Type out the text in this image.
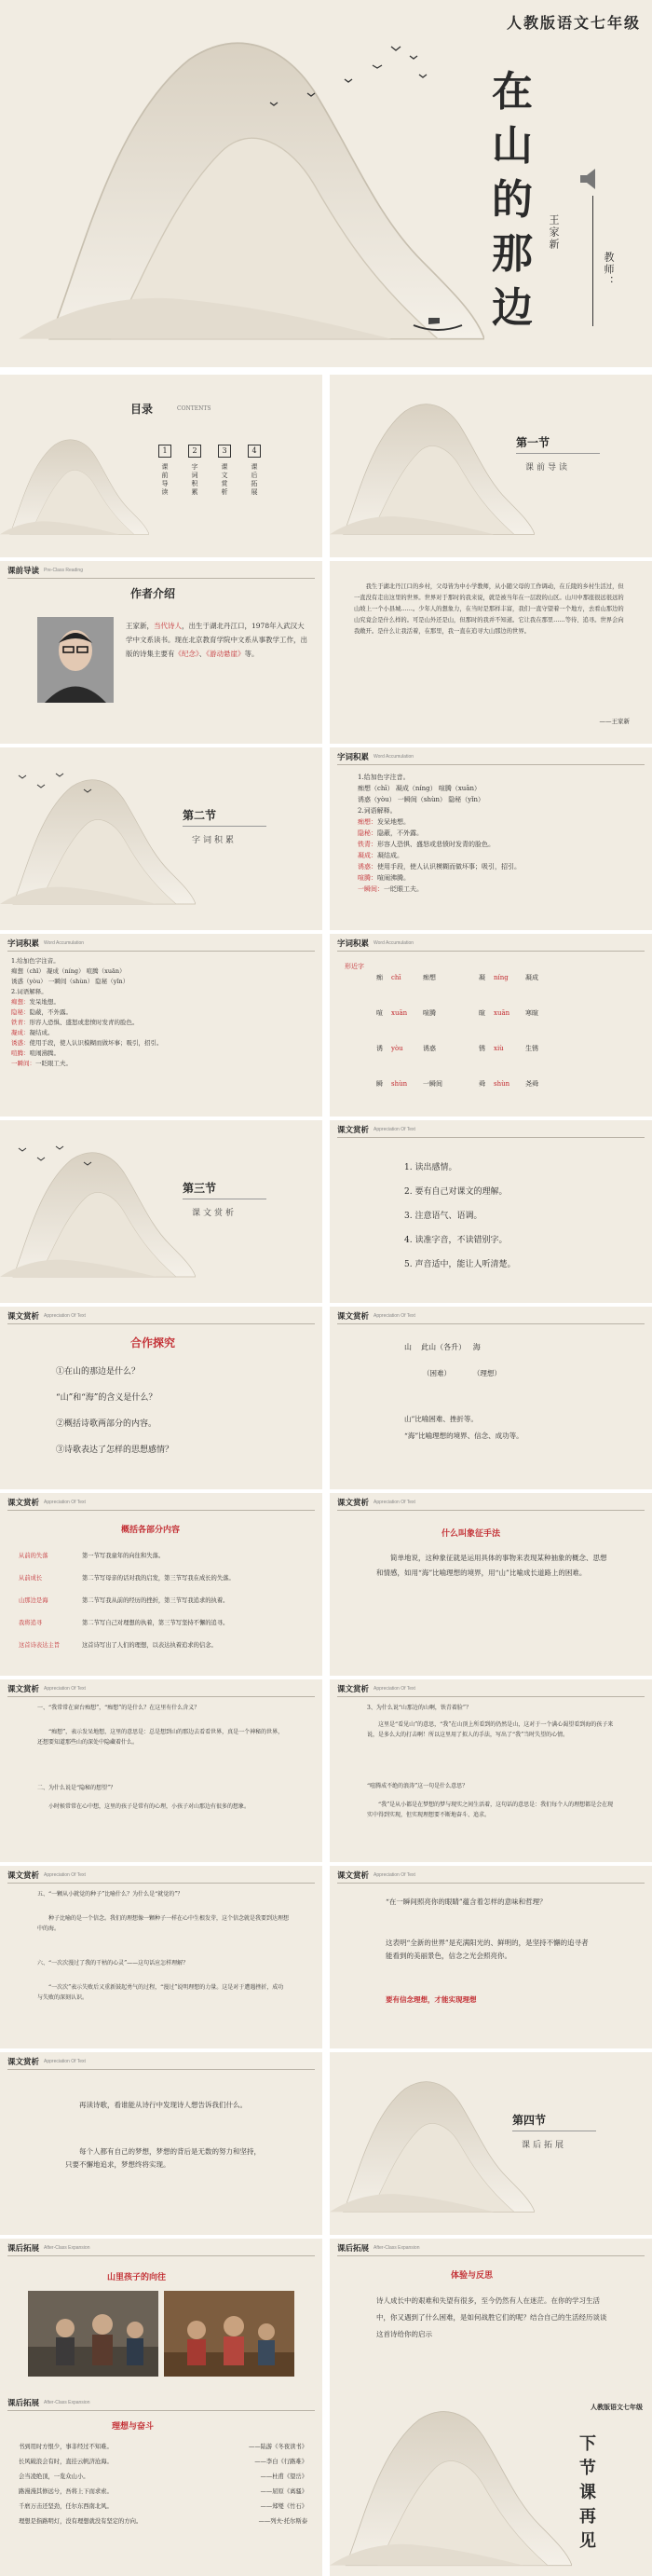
人教版语文七年级
在
山
的
那
边
王家新
教师：
目录	CONTENTS
1
课前导读
2
字词积累
3
课文赏析
4
课后拓展
第一节
课前导读
课前导读 Pre-Class Reading
作者介绍
王家新，当代诗人，出生于湖北丹江口，1978年入武汉大学中文系读书。现在北京教育学院中文系从事教学工作，出版的诗集主要有《纪念》、《游动悬崖》等。
我生于湖北丹江口的乡村，父母皆为中小学教师，从小随父母的工作调动，在丘陵的乡村生活过，但一直没有走出这里的世界。世界对于那时的我来说，就是被当年在一层段的山区。山川中那座很远很远的山坡上一个小县城……。少年人的想象力，在当时是那样丰富，我们一直守望着一个地方，去看山那边的山究竟会是什么样的。可是山外还是山，但那时的我并不知道。它让我在那里……等待、追寻。世界会向我敞开。是什么让我活着，在那里，我一直在追寻大山那边的世界。
——王家新
第二节
字词积累
字词积累 Word Accumulation
1.给加色字注音。
痴想（chī） 凝成（níng） 喧腾（xuān）
诱惑（yòu） 一瞬间（shùn） 隐秘（yǐn）
2.词语解释。
痴想：发呆地想。
隐秘：隐蔽，不外露。
铁青：形容人恐惧、盛怒或悲愤时发青的脸色。
凝成：凝结成。
诱惑：使用手段，使人认识模糊而做坏事；吸引，招引。
喧腾：喧闹沸腾。
一瞬间：一眨眼工夫。
字词积累 Word Accumulation
1.给加色字注音。
痴想（chī） 凝成（níng） 喧腾（xuān）
诱惑（yòu） 一瞬间（shùn） 隐秘（yǐn）
2.词语解释。
痴想：发呆地想。
隐秘：隐蔽，不外露。
铁青：形容人恐惧、盛怒或悲愤时发青的脸色。
凝成：凝结成。
诱惑：使用手段，使人认识模糊而做坏事；吸引，招引。
喧腾：喧闹沸腾。
一瞬间：一眨眼工夫。
字词积累 Word Accumulation
形近字
痴	chī	痴想	凝	níng	凝成
喧	xuān	喧腾	暄	xuān	寒暄
诱	yòu	诱惑	锈	xiù	生锈
瞬	shùn	一瞬间	舜	shùn	尧舜
第三节
课文赏析
课文赏析 Appreciation Of Text
1. 读出感情。
2. 要有自己对课文的理解。
3. 注意语气、语调。
4. 读准字音，不读错别字。
5. 声音适中，能让人听清楚。
课文赏析 Appreciation Of Text
合作探究
①在山的那边是什么？
“山”和“海”的含义是什么？
②概括诗歌两部分的内容。
③诗歌表达了怎样的思想感情？
课文赏析 Appreciation Of Text
山    此山（各升）   海
（困难）          （理想）
山”比喻困难、挫折等。
“海”比喻理想的境界、信念、成功等。
课文赏析 Appreciation Of Text
概括各部分内容
从前的失落	第一节写我童年的向往和失落。
从前成长	第二节写母亲的话对我的启发，第三节写我在成长的失落。
山那边是海	第二节写我从前的经历的挫折，第三节写我追求的执着。
我将追寻	第二节写自己对理想的执着，第三节写坚持不懈的追寻。
这首诗表达主旨	这首诗写出了人们的理想，以表达执着追求的信念。
课文赏析 Appreciation Of Text
什么叫象征手法
简单地说，这种象征就是运用具体的事物来表现某种抽象的概念、思想和情感，如用“海”比喻理想的境界，用“山”比喻成长道路上的困难。
课文赏析 Appreciation Of Text
一、“我常常在窗台痴想”，“痴想”的是什么？在这里有什么含义？
“痴想”，表示发呆地想，这里的意思是：总是想到山的那边去看看世界，真是一个神秘的世界，还想要知道那些山的深处中隐藏着什么。
二、为什么说是“隐秘的想望”？
小时候常常在心中想，这里的孩子是常有的心理，小孩子对山那边有很多的想象。
课文赏析 Appreciation Of Text
3、为什么说“山那边的山啊，铁青着脸”？
这里是“看见山”的意思，“我”在山顶上所看到的仍然是山，这对于一个满心渴望看到海的孩子来说，是多么大的打击啊！所以这里用了拟人的手法，写出了“我”当时失望的心情。
“喧腾成不绝的浪涛”这一句是什么意思？
“我”是从小都是在梦想的梦与现实之间生活着，这句话的意思是：我们每个人的理想都是会在现实中得到实现，但实现理想要不断地奋斗、追求。
课文赏析 Appreciation Of Text
五、“一颗从小就觉的种子”比喻什么？为什么是“就觉的”？
种子比喻的是一个信念。我们的理想像一颗种子一样在心中生根发芽，这个信念就是我要到达理想中的海。
六、“一次次漫过了我的干枯的心灵”——这句话应怎样理解？
“一次次”表示失败后又重新鼓起勇气的过程，“漫过”说明理想的力量。这是对于遭遇挫折，成功与失败的深刻认识。
课文赏析 Appreciation Of Text
“在一瞬间照亮你的眼睛”蕴含着怎样的意味和哲理？
这表明“全新的世界”是充满阳光的、鲜明的，是坚持不懈的追寻者能看到的美丽景色，信念之光会照亮你。
要有信念理想，才能实现理想
课文赏析 Appreciation Of Text
再读诗歌，看谁能从诗行中发现诗人想告诉我们什么。
每个人都有自己的梦想，梦想的背后是无数的努力和坚持，只要不懈地追求，梦想终将实现。
第四节
课后拓展
课后拓展 After-Class Expansion
山里孩子的向往
课后拓展 After-Class Expansion
体验与反思
诗人成长中的艰难和失望有很多，至今仍然有人在迷茫。在你的学习生活中，你又遇到了什么困难，是如何战胜它们的呢？结合自己的生活经历谈谈这首诗给你的启示
课后拓展 After-Class Expansion
理想与奋斗
书到用时方恨少，事非经过不知难。	——陆游《冬夜读书》
长风破浪会有时，直挂云帆济沧海。	——李白《行路难》
会当凌绝顶，一览众山小。	——杜甫《望岳》
路漫漫其修远兮，吾将上下而求索。	——屈原《离骚》
千磨万击还坚劲，任尔东西南北风。	——郑燮《竹石》
理想是指路明灯，没有理想就没有坚定的方向。	——列夫·托尔斯泰
人教版语文七年级
下
节
课
再
见
